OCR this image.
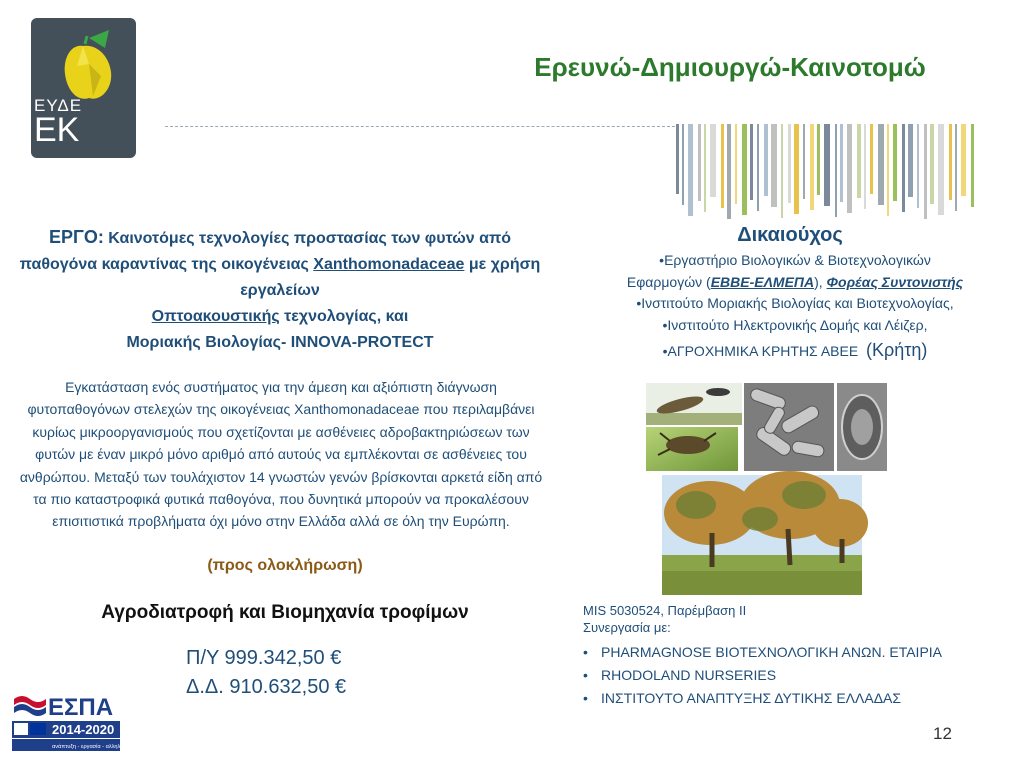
ΕΥΔΕ
ΕΚ
Ερευνώ-Δημιουργώ-Καινοτομώ
ΕΡΓΟ: Καινοτόμες τεχνολογίες προστασίας των φυτών από παθογόνα καραντίνας της οικογένειας Xanthomonadaceae με χρήση εργαλείων
Οπτοακουστικής τεχνολογίας, και
Μοριακής Βιολογίας- INNOVA-PROTECT
Εγκατάσταση ενός συστήματος για την άμεση και αξιόπιστη διάγνωση φυτοπαθογόνων στελεχών της οικογένειας Xanthomonadaceae που περιλαμβάνει κυρίως μικροοργανισμούς που σχετίζονται με ασθένειες αδροβακτηριώσεων των φυτών με έναν μικρό μόνο αριθμό από αυτούς να εμπλέκονται σε ασθένειες του ανθρώπου. Μεταξύ των τουλάχιστον 14 γνωστών γενών βρίσκονται αρκετά είδη από τα πιο καταστροφικά φυτικά παθογόνα, που δυνητικά μπορούν να προκαλέσουν επισιτιστικά προβλήματα όχι μόνο στην Ελλάδα αλλά σε όλη την Ευρώπη.
(προς ολοκλήρωση)
Αγροδιατροφή και Βιομηχανία τροφίμων
Π/Υ 999.342,50 €
Δ.Δ. 910.632,50 €
Δικαιούχος
•Εργαστήριο Βιολογικών & Βιοτεχνολογικών
Εφαρμογών (ΕΒΒΕ-ΕΛΜΕΠΑ), Φορέας Συντονιστής
•Ινστιτούτο Μοριακής Βιολογίας και Βιοτεχνολογίας,
•Ινστιτούτο Ηλεκτρονικής Δομής και Λέιζερ,
•ΑΓΡΟΧΗΜΙΚΑ ΚΡΗΤΗΣ ΑΒΕΕ (Κρήτη)
MIS 5030524, Παρέμβαση ΙΙ
Συνεργασία με:
• PHARMAGNOSE ΒΙΟΤΕΧΝΟΛΟΓΙΚΗ ΑΝΩΝ. ΕΤΑΙΡΙΑ
• RHODOLAND NURSERIES
• ΙΝΣΤΙΤΟΥΤΟ ΑΝΑΠΤΥΞΗΣ ΔΥΤΙΚΗΣ ΕΛΛΑΔΑΣ
12
ΕΣΠΑ
2014-2020
ανάπτυξη - εργασία - αλληλεγγύη
